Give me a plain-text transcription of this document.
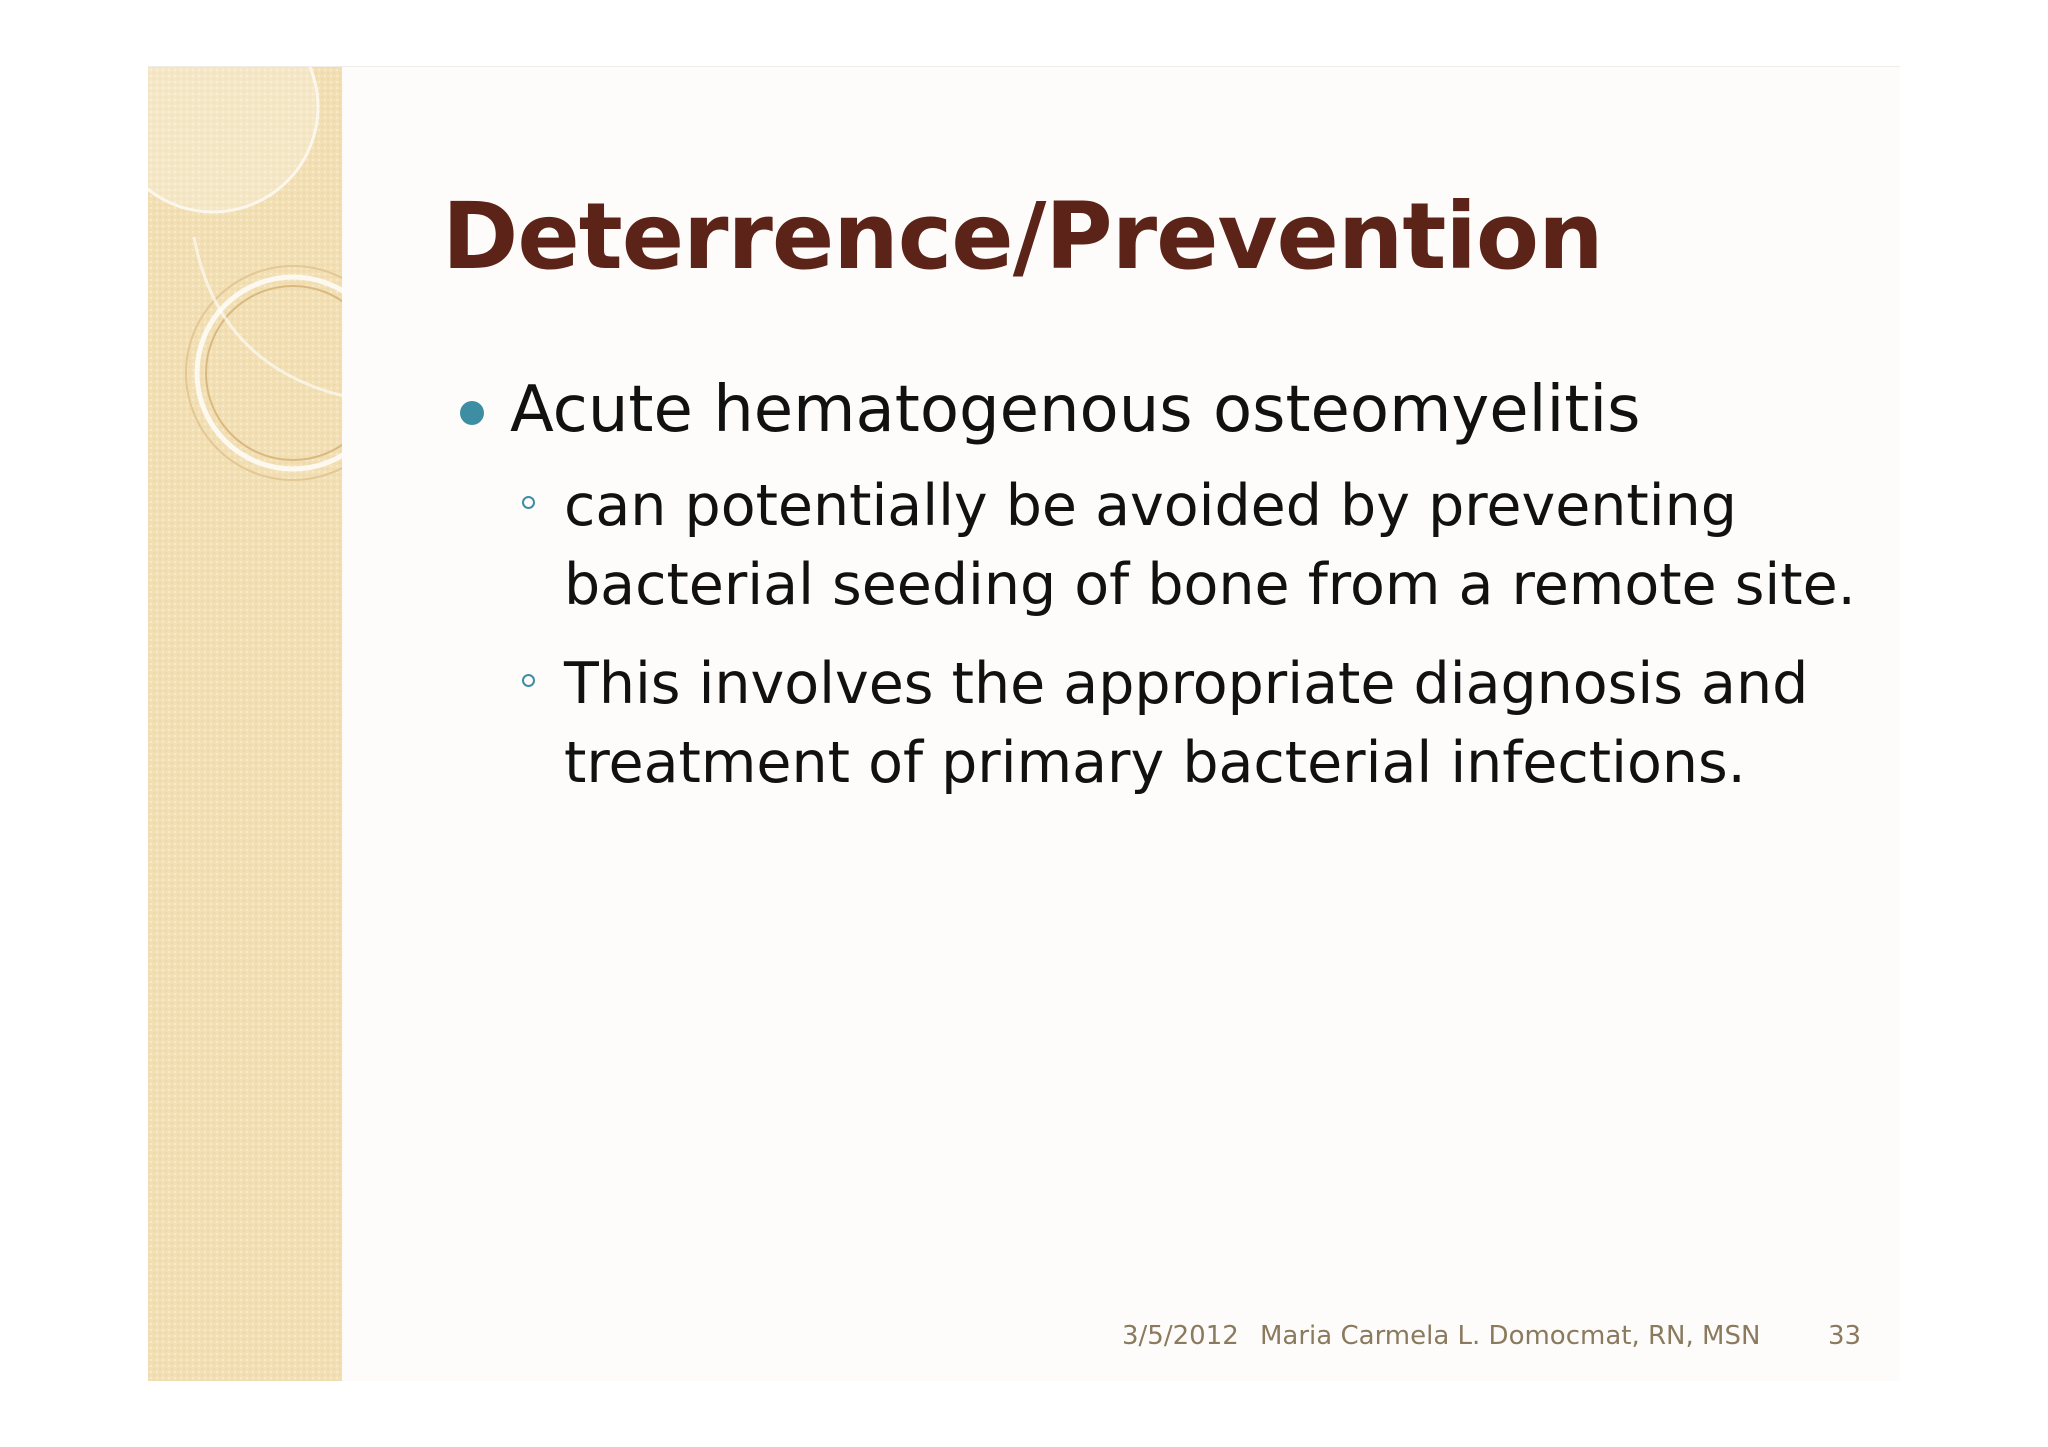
Deterrence/Prevention
Acute hematogenous osteomyelitis
can potentially be avoided by preventing bacterial seeding of bone from a remote site.
This involves the appropriate diagnosis and treatment of primary bacterial infections.
3/5/2012 Maria Carmela L. Domocmat, RN, MSN	33
